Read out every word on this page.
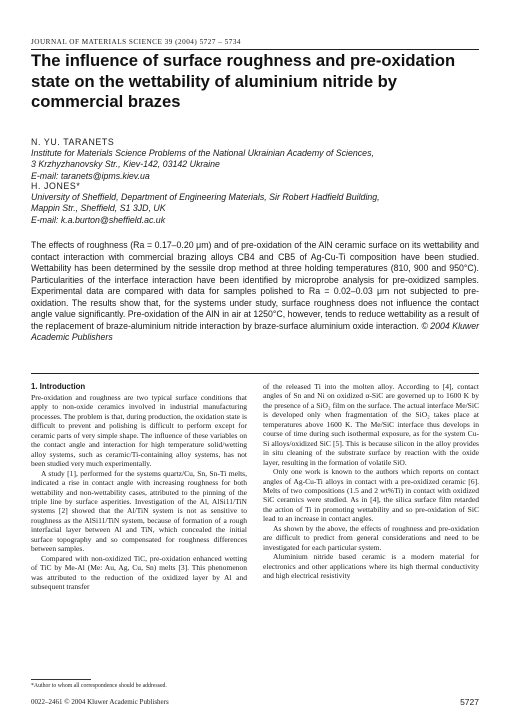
JOURNAL OF MATERIALS SCIENCE 39 (2004) 5727 – 5734
The influence of surface roughness and pre-oxidation state on the wettability of aluminium nitride by commercial brazes
N. YU. TARANETS
Institute for Materials Science Problems of the National Ukrainian Academy of Sciences,
3 Krzhyzhanovsky Str., Kiev-142, 03142 Ukraine
E-mail: taranets@ipms.kiev.ua
H. JONES*
University of Sheffield, Department of Engineering Materials, Sir Robert Hadfield Building,
Mappin Str., Sheffield, S1 3JD, UK
E-mail: k.a.burton@sheffield.ac.uk
The effects of roughness (Ra = 0.17–0.20 μm) and of pre-oxidation of the AlN ceramic surface on its wettability and contact interaction with commercial brazing alloys CB4 and CB5 of Ag-Cu-Ti composition have been studied. Wettability has been determined by the sessile drop method at three holding temperatures (810, 900 and 950°C). Particularities of the interface interaction have been identified by microprobe analysis for pre-oxidized samples. Experimental data are compared with data for samples polished to Ra = 0.02–0.03 μm not subjected to pre-oxidation. The results show that, for the systems under study, surface roughness does not influence the contact angle value significantly. Pre-oxidation of the AlN in air at 1250°C, however, tends to reduce wettability as a result of the replacement of braze-aluminium nitride interaction by braze-surface aluminium oxide interaction. © 2004 Kluwer Academic Publishers
1. Introduction

Pre-oxidation and roughness are two typical surface conditions that apply to non-oxide ceramics involved in industrial manufacturing processes. The problem is that, during production, the oxidation state is difficult to prevent and polishing is difficult to perform except for ceramic parts of very simple shape. The influence of these variables on the contact angle and interaction for high temperature solid/wetting alloy systems, such as ceramic/Ti-containing alloy systems, has not been studied very much experimentally.

A study [1], performed for the systems quartz/Cu, Sn, Sn-Ti melts, indicated a rise in contact angle with increasing roughness for both wettability and non-wettability cases, attributed to the pinning of the triple line by surface asperities. Investigation of the Al, AlSi11/TiN systems [2] showed that the Al/TiN system is not as sensitive to roughness as the AlSi11/TiN system, because of formation of a rough interfacial layer between Al and TiN, which concealed the initial surface topography and so compensated for roughness differences between samples.

Compared with non-oxidized TiC, pre-oxidation enhanced wetting of TiC by Me-Al (Me: Au, Ag, Cu, Sn) melts [3]. This phenomenon was attributed to the reduction of the oxidized layer by Al and subsequent transfer

of the released Ti into the molten alloy. According to [4], contact angles of Sn and Ni on oxidized α-SiC are governed up to 1600 K by the presence of a SiO₂ film on the surface. The actual interface Me/SiC is developed only when fragmentation of the SiO₂ takes place at temperatures above 1600 K. The Me/SiC interface thus develops in course of time during such isothermal exposure, as for the system Cu-Si alloys/oxidized SiC [5]. This is because silicon in the alloy provides in situ cleaning of the substrate surface by reaction with the oxide layer, resulting in the formation of volatile SiO.

Only one work is known to the authors which reports on contact angles of Ag-Cu-Ti alloys in contact with a pre-oxidized ceramic [6]. Melts of two compositions (1.5 and 2 wt%Ti) in contact with oxidized SiC ceramics were studied. As in [4], the silica surface film retarded the action of Ti in promoting wettability and so pre-oxidation of SiC lead to an increase in contact angles.

As shown by the above, the effects of roughness and pre-oxidation are difficult to predict from general considerations and need to be investigated for each particular system.

Aluminium nitride based ceramic is a modern material for electronics and other applications where its high thermal conductivity and high electrical resistivity

*Author to whom all correspondence should be addressed.
0022–2461 © 2004 Kluwer Academic Publishers	5727
